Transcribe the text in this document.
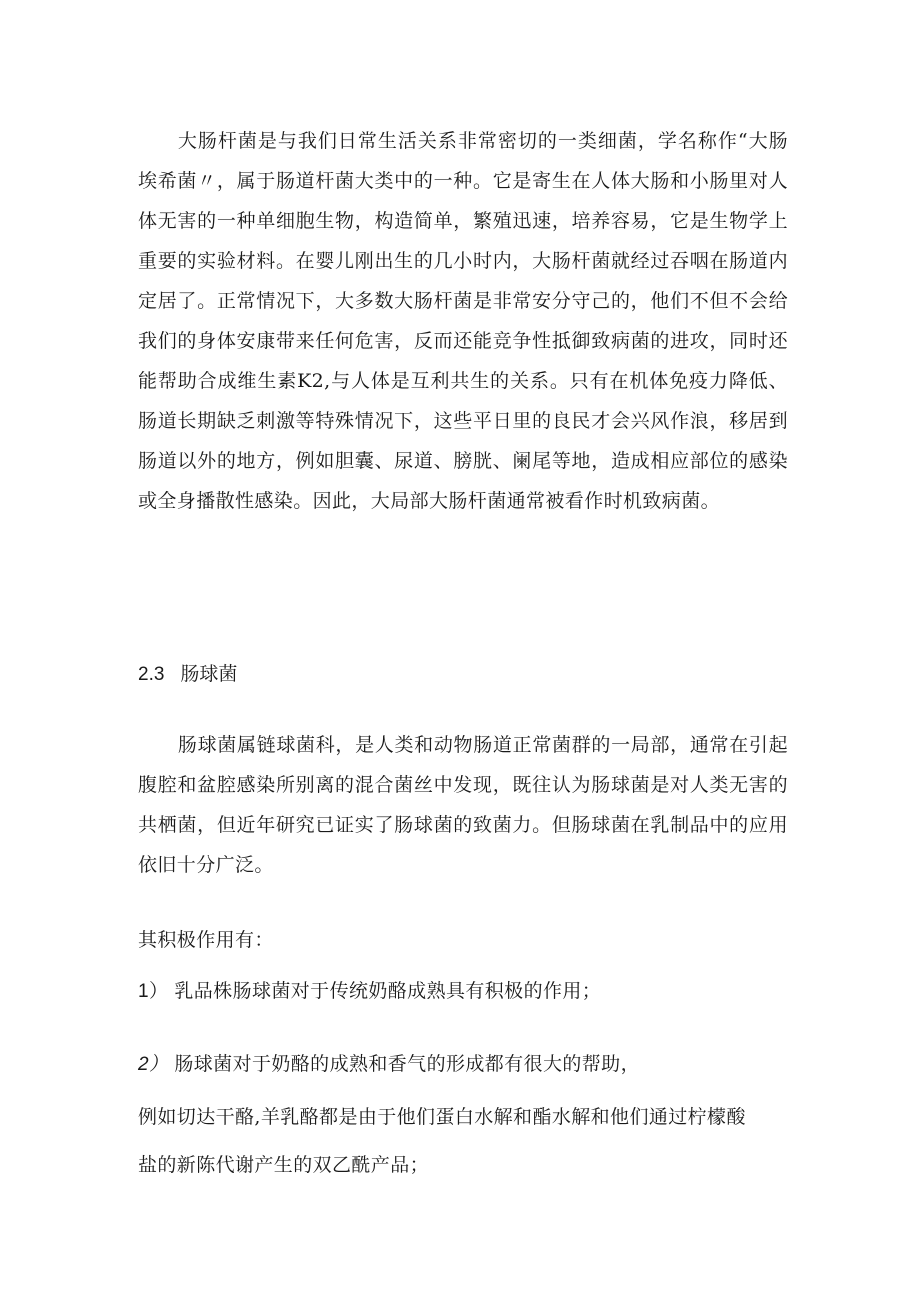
大肠杆菌是与我们日常生活关系非常密切的一类细菌，学名称作“大肠埃希菌〃，属于肠道杆菌大类中的一种。它是寄生在人体大肠和小肠里对人体无害的一种单细胞生物，构造简单，繁殖迅速，培养容易，它是生物学上重要的实验材料。在婴儿刚出生的几小时内，大肠杆菌就经过吞咽在肠道内定居了。正常情况下，大多数大肠杆菌是非常安分守己的，他们不但不会给我们的身体安康带来任何危害，反而还能竞争性抵御致病菌的进攻，同时还能帮助合成维生素K2,与人体是互利共生的关系。只有在机体免疫力降低、肠道长期缺乏刺激等特殊情况下，这些平日里的良民才会兴风作浪，移居到肠道以外的地方，例如胆囊、尿道、膀胱、阑尾等地，造成相应部位的感染或全身播散性感染。因此，大局部大肠杆菌通常被看作时机致病菌。

2.3 肠球菌

肠球菌属链球菌科，是人类和动物肠道正常菌群的一局部，通常在引起腹腔和盆腔感染所别离的混合菌丝中发现，既往认为肠球菌是对人类无害的共栖菌，但近年研究已证实了肠球菌的致菌力。但肠球菌在乳制品中的应用依旧十分广泛。

其积极作用有：

1） 乳品株肠球菌对于传统奶酪成熟具有积极的作用；

2） 肠球菌对于奶酪的成熟和香气的形成都有很大的帮助，

例如切达干酪,羊乳酪都是由于他们蛋白水解和酯水解和他们通过柠檬酸

盐的新陈代谢产生的双乙酰产品；
